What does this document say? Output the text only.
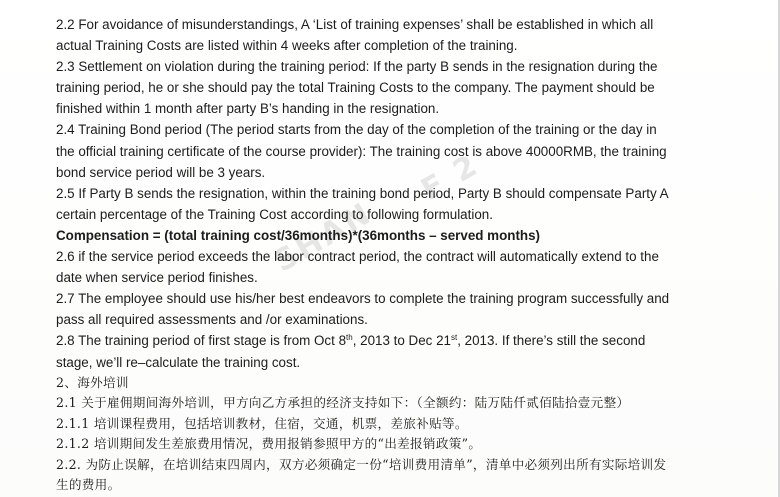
SHAN
F 2

2.2 For avoidance of misunderstandings, A ‘List of training expenses’ shall be established in which all actual Training Costs are listed within 4 weeks after completion of the training.

2.3 Settlement on violation during the training period: If the party B sends in the resignation during the training period, he or she should pay the total Training Costs to the company. The payment should be finished within 1 month after party B’s handing in the resignation.

2.4 Training Bond period (The period starts from the day of the completion of the training or the day in the official training certificate of the course provider): The training cost is above 40000RMB, the training bond service period will be 3 years.

2.5 If Party B sends the resignation, within the training bond period, Party B should compensate Party A certain percentage of the Training Cost according to following formulation.

Compensation = (total training cost/36months)*(36months – served months)

2.6 if the service period exceeds the labor contract period, the contract will automatically extend to the date when service period finishes.

2.7 The employee should use his/her best endeavors to complete the training program successfully and pass all required assessments and /or examinations.

2.8 The training period of first stage is from Oct 8th, 2013 to Dec 21st, 2013. If there’s still the second stage, we’ll re–calculate the training cost.

2、海外培训

2.1 关于雇佣期间海外培训，甲方向乙方承担的经济支持如下：（全额约：陆万陆仟贰佰陆拾壹元整）

2.1.1 培训课程费用，包括培训教材，住宿，交通，机票，差旅补贴等。

2.1.2 培训期间发生差旅费用情况，费用报销参照甲方的“出差报销政策”。

2.2. 为防止误解，在培训结束四周内，双方必须确定一份“培训费用清单”，清单中必须列出所有实际培训发生的费用。
